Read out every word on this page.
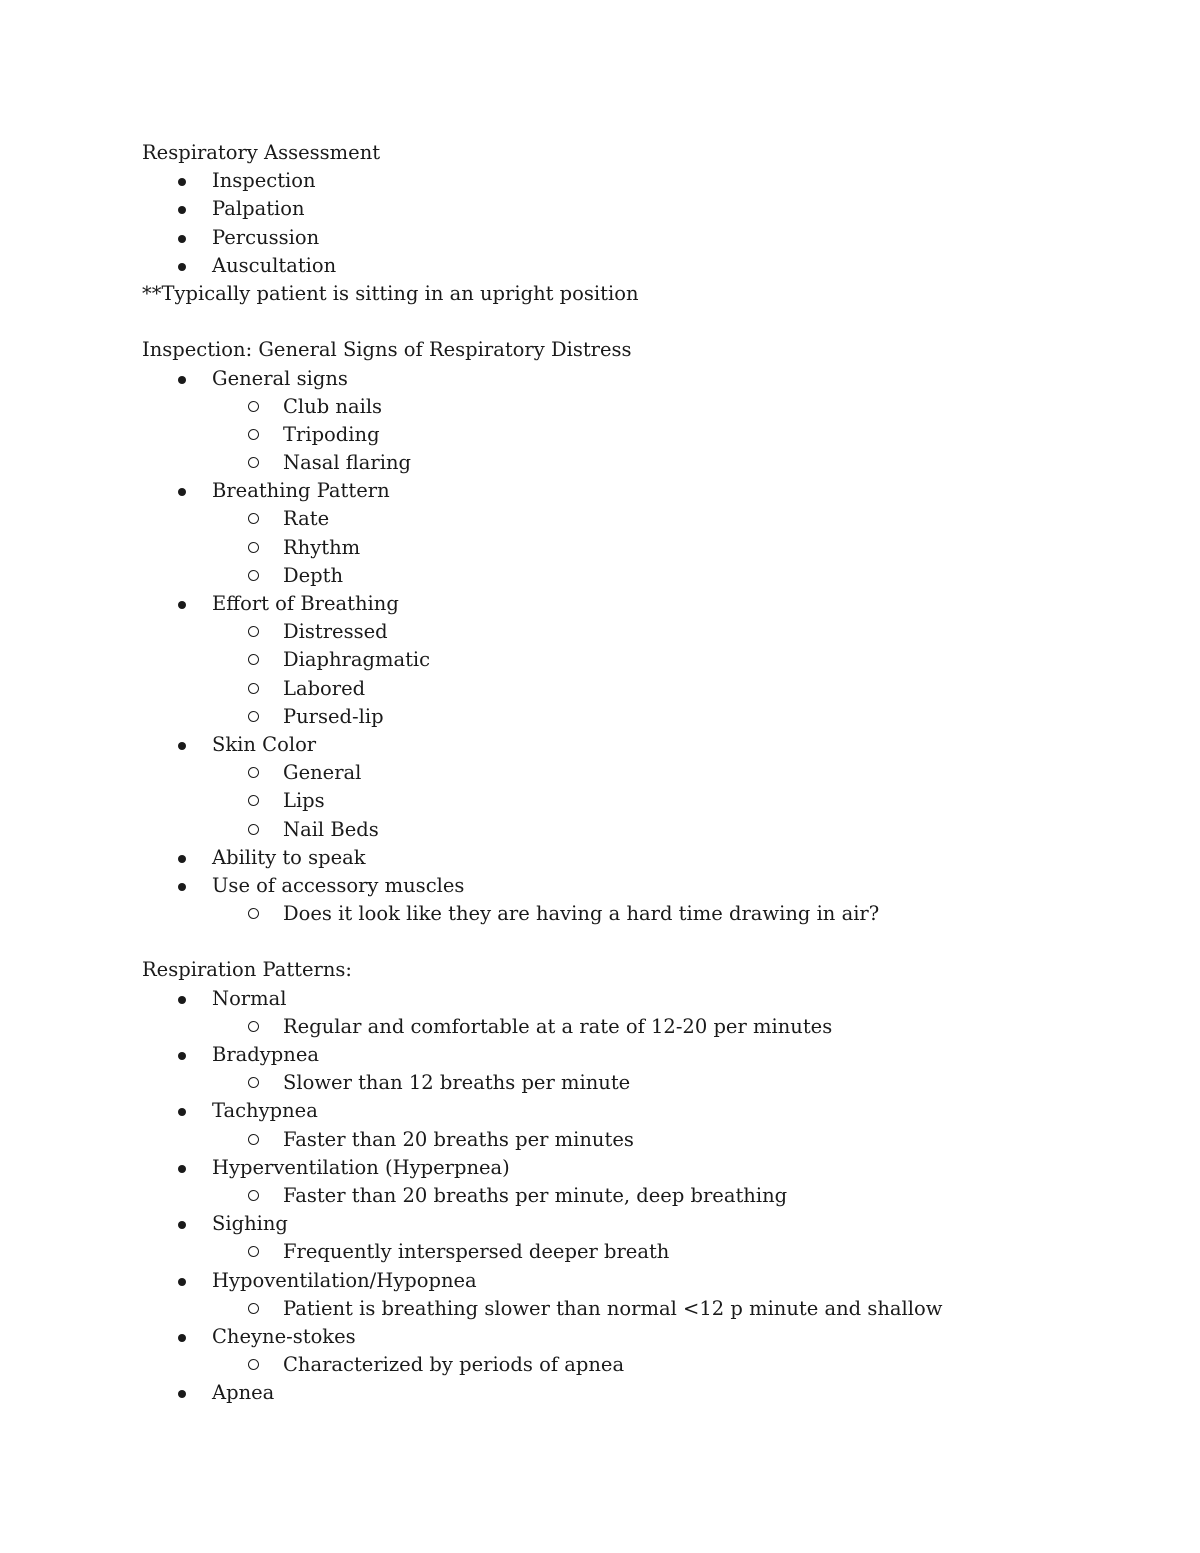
Respiratory Assessment
Inspection
Palpation
Percussion
Auscultation
**Typically patient is sitting in an upright position
Inspection: General Signs of Respiratory Distress
General signs
Club nails
Tripoding
Nasal flaring
Breathing Pattern
Rate
Rhythm
Depth
Effort of Breathing
Distressed
Diaphragmatic
Labored
Pursed-lip
Skin Color
General
Lips
Nail Beds
Ability to speak
Use of accessory muscles
Does it look like they are having a hard time drawing in air?
Respiration Patterns:
Normal
Regular and comfortable at a rate of 12-20 per minutes
Bradypnea
Slower than 12 breaths per minute
Tachypnea
Faster than 20 breaths per minutes
Hyperventilation (Hyperpnea)
Faster than 20 breaths per minute, deep breathing
Sighing
Frequently interspersed deeper breath
Hypoventilation/Hypopnea
Patient is breathing slower than normal <12 p minute and shallow
Cheyne-stokes
Characterized by periods of apnea
Apnea
